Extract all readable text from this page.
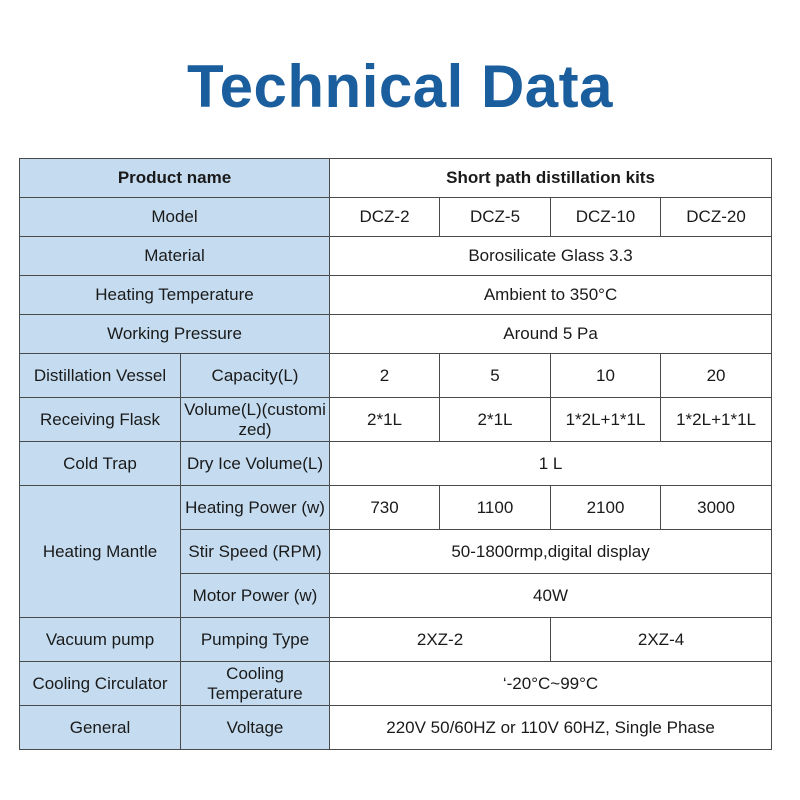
Technical Data
Product name		Short path distillation kits			
Model		DCZ-2	DCZ-5	DCZ-10	DCZ-20
Material		Borosilicate Glass 3.3			
Heating Temperature		Ambient to 350°C			
Working Pressure		Around 5 Pa			
Distillation Vessel	Capacity(L)	2	5	10	20
Receiving Flask	Volume(L)(customized)	2*1L	2*1L	1*2L+1*1L	1*2L+1*1L
Cold Trap	Dry Ice Volume(L)	1 L			
Heating Mantle	Heating Power (w)	730	1100	2100	3000
	Stir Speed (RPM)	50-1800rmp,digital display			
	Motor Power (w)	40W			
Vacuum pump	Pumping Type	2XZ-2		2XZ-4	
Cooling Circulator	Cooling Temperature	‘-20°C~99°C			
General	Voltage	220V 50/60HZ or 110V 60HZ, Single Phase			
